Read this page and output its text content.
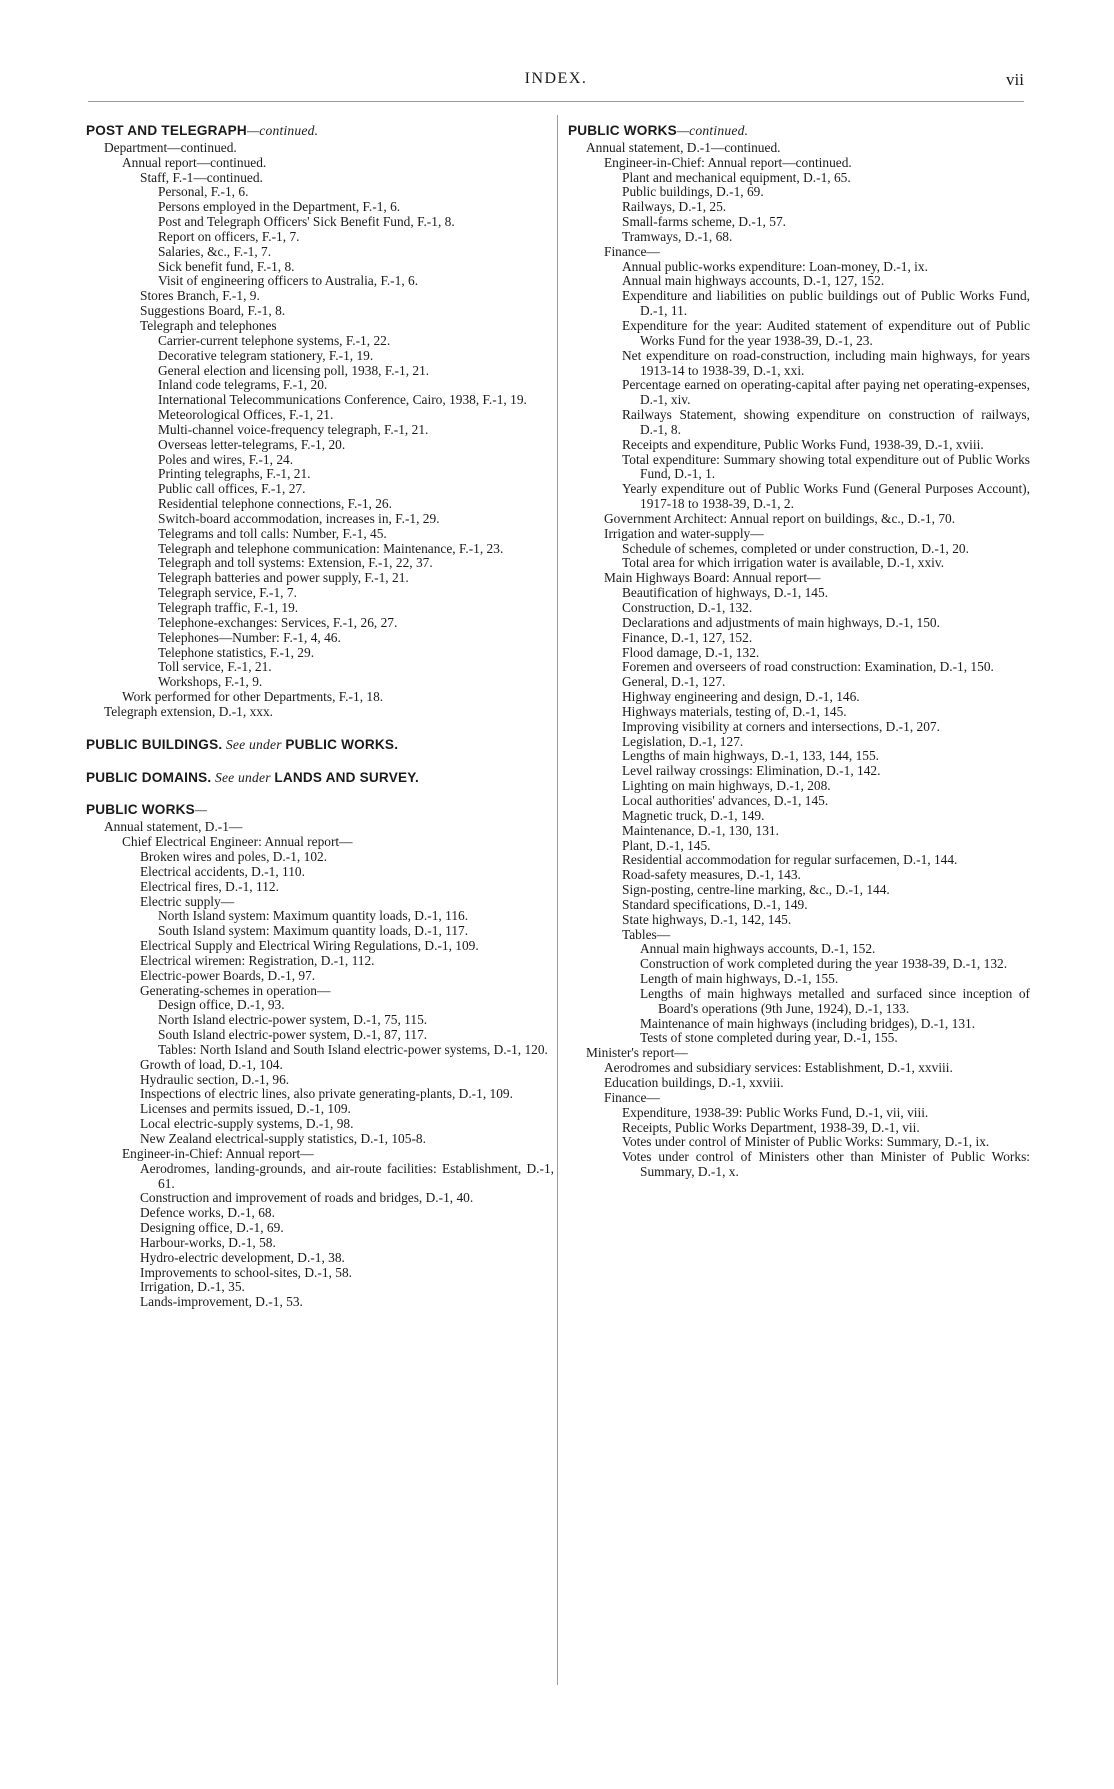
INDEX.	vii

POST AND TELEGRAPH—continued.

Department—continued.

Annual report—continued.

Staff, F.-1—continued.

Personal, F.-1, 6.

Persons employed in the Department, F.-1, 6.

Post and Telegraph Officers' Sick Benefit Fund, F.-1, 8.

Report on officers, F.-1, 7.

Salaries, &c., F.-1, 7.

Sick benefit fund, F.-1, 8.

Visit of engineering officers to Australia, F.-1, 6.

Stores Branch, F.-1, 9.

Suggestions Board, F.-1, 8.

Telegraph and telephones

Carrier-current telephone systems, F.-1, 22.

Decorative telegram stationery, F.-1, 19.

General election and licensing poll, 1938, F.-1, 21.

Inland code telegrams, F.-1, 20.

International Telecommunications Conference, Cairo, 1938, F.-1, 19.

Meteorological Offices, F.-1, 21.

Multi-channel voice-frequency telegraph, F.-1, 21.

Overseas letter-telegrams, F.-1, 20.

Poles and wires, F.-1, 24.

Printing telegraphs, F.-1, 21.

Public call offices, F.-1, 27.

Residential telephone connections, F.-1, 26.

Switch-board accommodation, increases in, F.-1, 29.

Telegrams and toll calls: Number, F.-1, 45.

Telegraph and telephone communication: Maintenance, F.-1, 23.

Telegraph and toll systems: Extension, F.-1, 22, 37.

Telegraph batteries and power supply, F.-1, 21.

Telegraph service, F.-1, 7.

Telegraph traffic, F.-1, 19.

Telephone-exchanges: Services, F.-1, 26, 27.

Telephones—Number: F.-1, 4, 46.

Telephone statistics, F.-1, 29.

Toll service, F.-1, 21.

Workshops, F.-1, 9.

Work performed for other Departments, F.-1, 18.

Telegraph extension, D.-1, xxx.

PUBLIC BUILDINGS. See under PUBLIC WORKS.

PUBLIC DOMAINS. See under LANDS AND SURVEY.

PUBLIC WORKS—

Annual statement, D.-1—

Chief Electrical Engineer: Annual report—

Broken wires and poles, D.-1, 102.

Electrical accidents, D.-1, 110.

Electrical fires, D.-1, 112.

Electric supply—

North Island system: Maximum quantity loads, D.-1, 116.

South Island system: Maximum quantity loads, D.-1, 117.

Electrical Supply and Electrical Wiring Regulations, D.-1, 109.

Electrical wiremen: Registration, D.-1, 112.

Electric-power Boards, D.-1, 97.

Generating-schemes in operation—

Design office, D.-1, 93.

North Island electric-power system, D.-1, 75, 115.

South Island electric-power system, D.-1, 87, 117.

Tables: North Island and South Island electric-power systems, D.-1, 120.

Growth of load, D.-1, 104.

Hydraulic section, D.-1, 96.

Inspections of electric lines, also private generating-plants, D.-1, 109.

Licenses and permits issued, D.-1, 109.

Local electric-supply systems, D.-1, 98.

New Zealand electrical-supply statistics, D.-1, 105-8.

Engineer-in-Chief: Annual report—

Aerodromes, landing-grounds, and air-route facilities: Establishment, D.-1, 61.

Construction and improvement of roads and bridges, D.-1, 40.

Defence works, D.-1, 68.

Designing office, D.-1, 69.

Harbour-works, D.-1, 58.

Hydro-electric development, D.-1, 38.

Improvements to school-sites, D.-1, 58.

Irrigation, D.-1, 35.

Lands-improvement, D.-1, 53.

PUBLIC WORKS—continued.

Annual statement, D.-1—continued.

Engineer-in-Chief: Annual report—continued.

Plant and mechanical equipment, D.-1, 65.

Public buildings, D.-1, 69.

Railways, D.-1, 25.

Small-farms scheme, D.-1, 57.

Tramways, D.-1, 68.

Finance—

Annual public-works expenditure: Loan-money, D.-1, ix.

Annual main highways accounts, D.-1, 127, 152.

Expenditure and liabilities on public buildings out of Public Works Fund, D.-1, 11.

Expenditure for the year: Audited statement of expenditure out of Public Works Fund for the year 1938-39, D.-1, 23.

Net expenditure on road-construction, including main highways, for years 1913-14 to 1938-39, D.-1, xxi.

Percentage earned on operating-capital after paying net operating-expenses, D.-1, xiv.

Railways Statement, showing expenditure on construction of railways, D.-1, 8.

Receipts and expenditure, Public Works Fund, 1938-39, D.-1, xviii.

Total expenditure: Summary showing total expenditure out of Public Works Fund, D.-1, 1.

Yearly expenditure out of Public Works Fund (General Purposes Account), 1917-18 to 1938-39, D.-1, 2.

Government Architect: Annual report on buildings, &c., D.-1, 70.

Irrigation and water-supply—

Schedule of schemes, completed or under construction, D.-1, 20.

Total area for which irrigation water is available, D.-1, xxiv.

Main Highways Board: Annual report—

Beautification of highways, D.-1, 145.

Construction, D.-1, 132.

Declarations and adjustments of main highways, D.-1, 150.

Finance, D.-1, 127, 152.

Flood damage, D.-1, 132.

Foremen and overseers of road construction: Examination, D.-1, 150.

General, D.-1, 127.

Highway engineering and design, D.-1, 146.

Highways materials, testing of, D.-1, 145.

Improving visibility at corners and intersections, D.-1, 207.

Legislation, D.-1, 127.

Lengths of main highways, D.-1, 133, 144, 155.

Level railway crossings: Elimination, D.-1, 142.

Lighting on main highways, D.-1, 208.

Local authorities' advances, D.-1, 145.

Magnetic truck, D.-1, 149.

Maintenance, D.-1, 130, 131.

Plant, D.-1, 145.

Residential accommodation for regular surfacemen, D.-1, 144.

Road-safety measures, D.-1, 143.

Sign-posting, centre-line marking, &c., D.-1, 144.

Standard specifications, D.-1, 149.

State highways, D.-1, 142, 145.

Tables—

Annual main highways accounts, D.-1, 152.

Construction of work completed during the year 1938-39, D.-1, 132.

Length of main highways, D.-1, 155.

Lengths of main highways metalled and surfaced since inception of Board's operations (9th June, 1924), D.-1, 133.

Maintenance of main highways (including bridges), D.-1, 131.

Tests of stone completed during year, D.-1, 155.

Minister's report—

Aerodromes and subsidiary services: Establishment, D.-1, xxviii.

Education buildings, D.-1, xxviii.

Finance—

Expenditure, 1938-39: Public Works Fund, D.-1, vii, viii.

Receipts, Public Works Department, 1938-39, D.-1, vii.

Votes under control of Minister of Public Works: Summary, D.-1, ix.

Votes under control of Ministers other than Minister of Public Works: Summary, D.-1, x.
